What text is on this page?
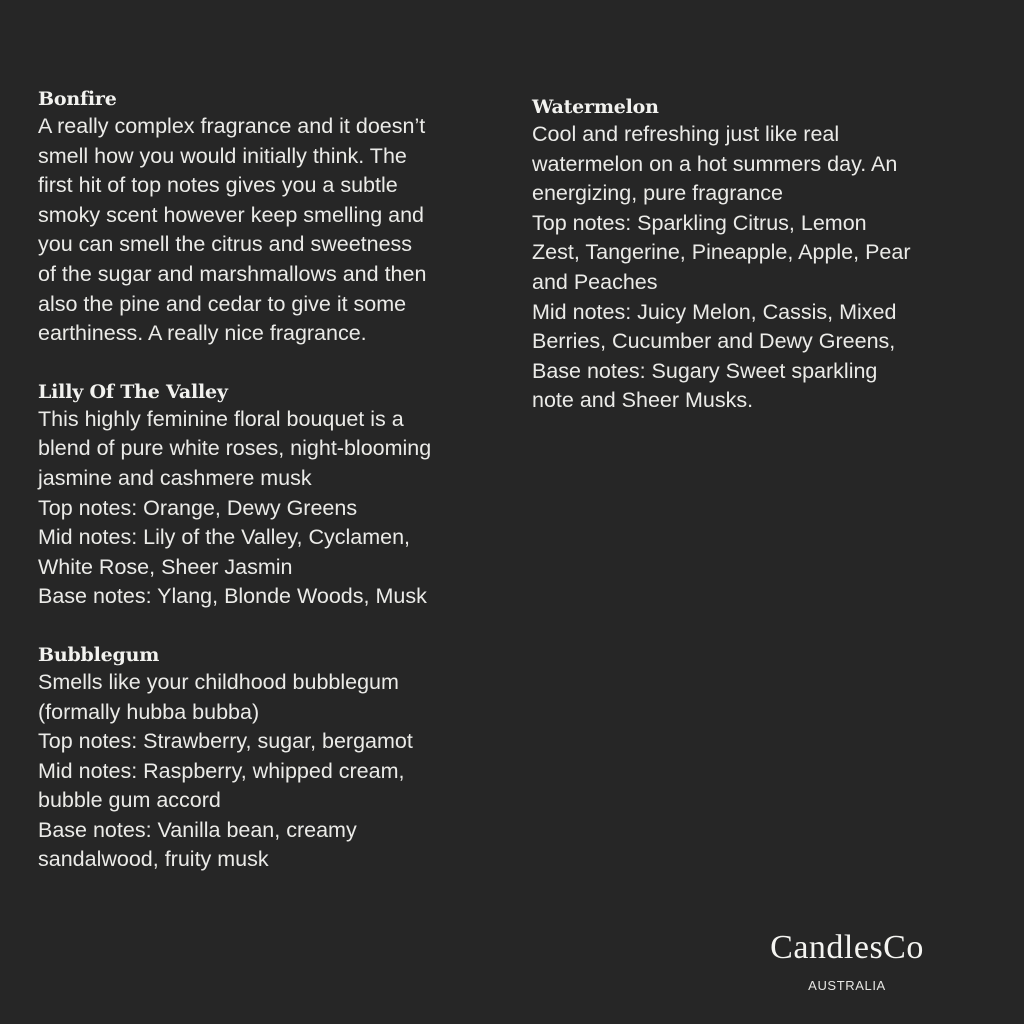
Bonfire

A really complex fragrance and it doesn’t

smell how you would initially think. The

first hit of top notes gives you a subtle

smoky scent however keep smelling and

you can smell the citrus and sweetness

of the sugar and marshmallows and then

also the pine and cedar to give it some

earthiness. A really nice fragrance.

Lilly Of The Valley

This highly feminine floral bouquet is a

blend of pure white roses, night-blooming

jasmine and cashmere musk

Top notes: Orange, Dewy Greens

Mid notes: Lily of the Valley, Cyclamen,

White Rose, Sheer Jasmin

Base notes: Ylang, Blonde Woods, Musk

Bubblegum

Smells like your childhood bubblegum

(formally hubba bubba)

Top notes: Strawberry, sugar, bergamot

Mid notes: Raspberry, whipped cream,

bubble gum accord

Base notes: Vanilla bean, creamy

sandalwood, fruity musk

Watermelon

Cool and refreshing just like real

watermelon on a hot summers day. An

energizing, pure fragrance

Top notes: Sparkling Citrus, Lemon

Zest, Tangerine, Pineapple, Apple, Pear

and Peaches

Mid notes: Juicy Melon, Cassis, Mixed

Berries, Cucumber and Dewy Greens,

Base notes: Sugary Sweet sparkling

note and Sheer Musks.

CandlesCo
AUSTRALIA
